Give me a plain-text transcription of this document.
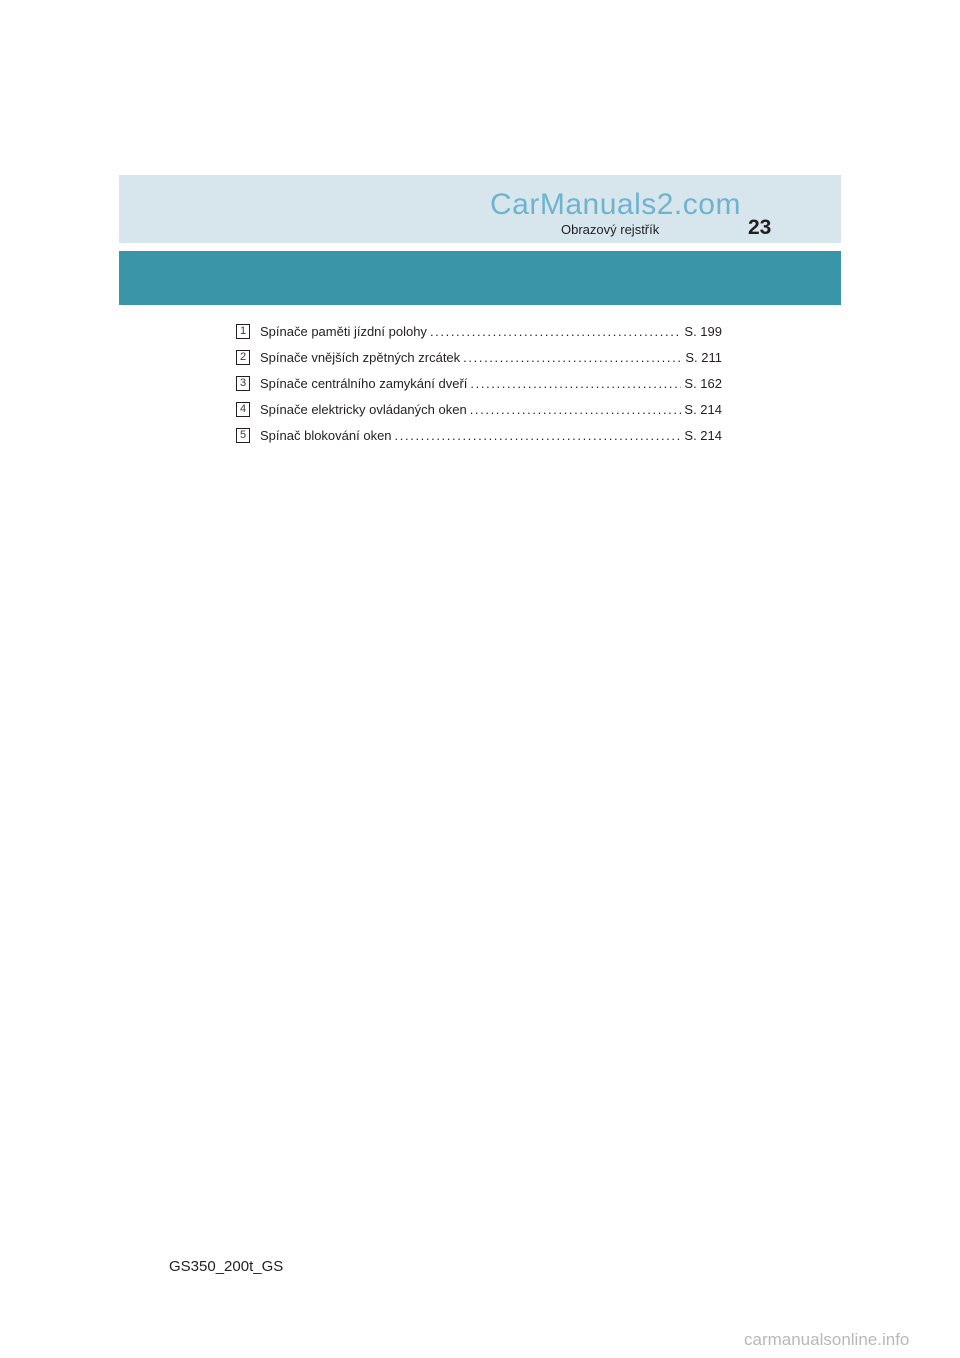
CarManuals2.com
Obrazový rejstřík	23
1	Spínače paměti jízdní polohy . . .	S. 199
2	Spínače vnějších zpětných zrcátek . . .	S. 211
3	Spínače centrálního zamykání dveří . . .	S. 162
4	Spínače elektricky ovládaných oken . . .	S. 214
5	Spínač blokování oken . . .	S. 214
GS350_200t_GS
carmanualsonline.info
